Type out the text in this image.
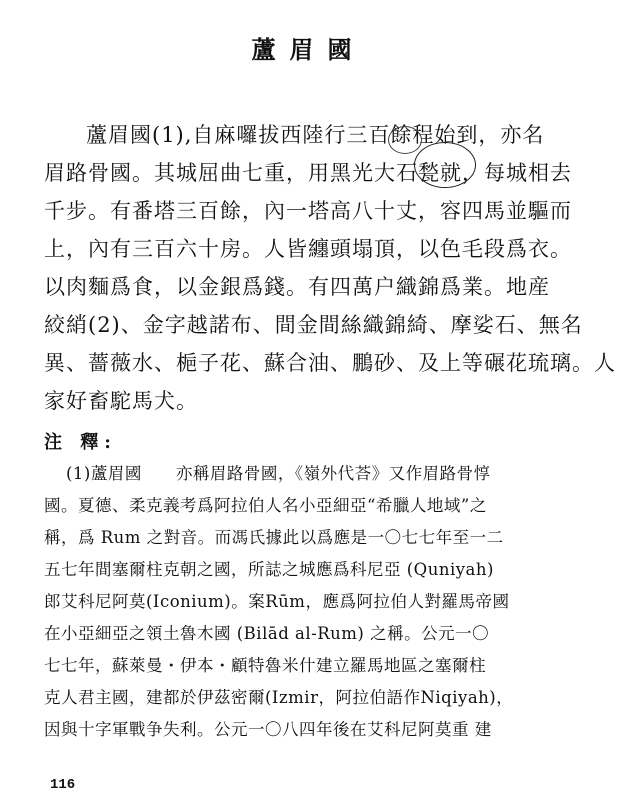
蘆眉國
蘆眉國(1),自麻囉拔西陸行三百餘程始到，亦名
眉路骨國。其城屈曲七重，用黑光大石甃就，每城相去
千步。有番塔三百餘，內一塔高八十丈，容四馬並驅而
上，內有三百六十房。人皆纏頭塌頂，以色毛段爲衣。
以肉麵爲食，以金銀爲錢。有四萬户織錦爲業。地産
絞綃(2)、金字越諾布、間金間絲織錦綺、摩娑石、無名
異、薔薇水、梔子花、蘇合油、鵬砂、及上等碾花琉璃。人
家好畜駝馬犬。
注 釋:
(1)蘆眉國　　亦稱眉路骨國，《嶺外代荅》又作眉路骨惇
國。夏德、柔克義考爲阿拉伯人名小亞細亞“希臘人地域”之
稱，爲 Rum 之對音。而馮氏據此以爲應是一〇七七年至一二
五七年間塞爾柱克朝之國，所誌之城應爲科尼亞 (Quniyah)
郎艾科尼阿莫(Iconium)。案Rūm，應爲阿拉伯人對羅馬帝國
在小亞細亞之領土魯木國 (Bilād al-Rum) 之稱。公元一〇
七七年，蘇萊曼・伊本・顧特魯米什建立羅馬地區之塞爾柱
克人君主國，建都於伊茲密爾(Izmir，阿拉伯語作Niqiyah)，
因與十字軍戰争失利。公元一〇八四年後在艾科尼阿莫重 建
116
